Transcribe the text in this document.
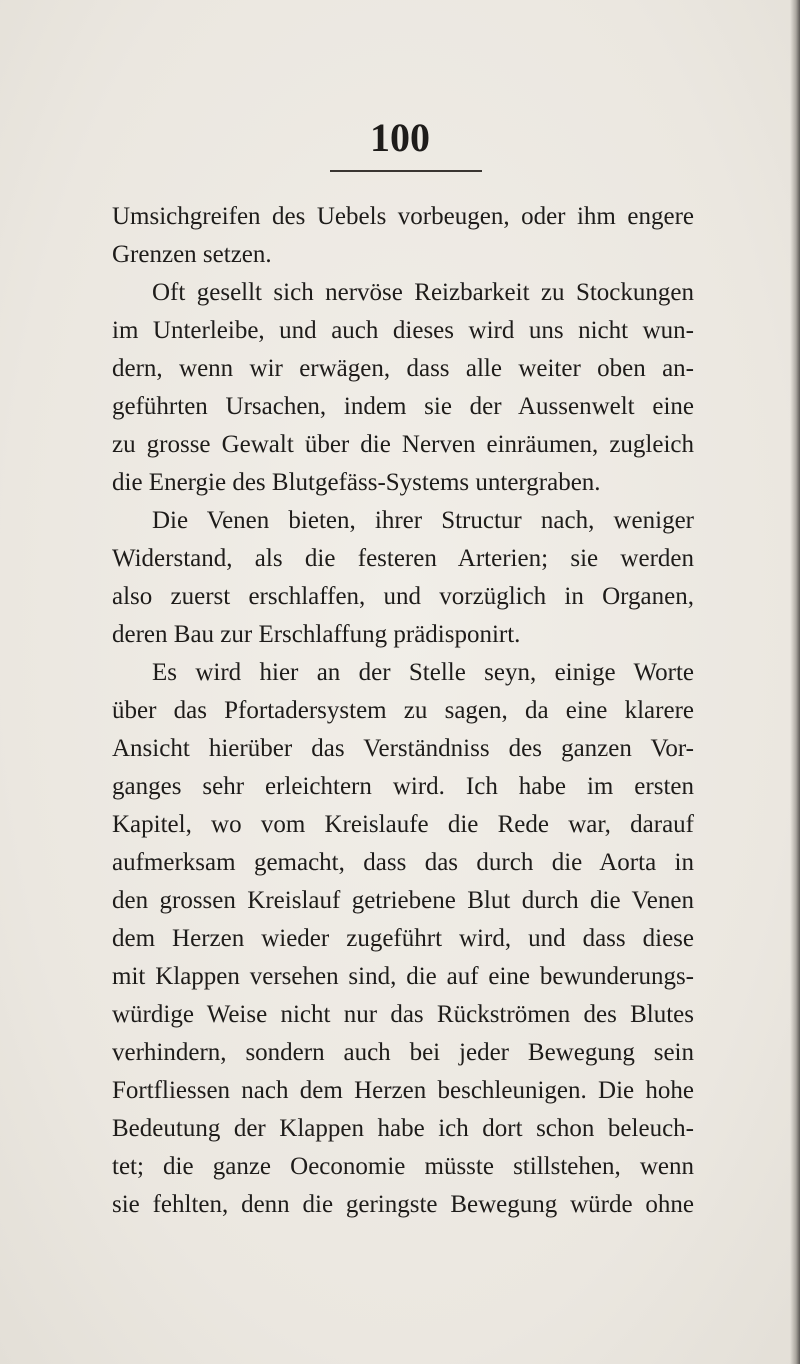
100
Umsichgreifen des Uebels vorbeugen, oder ihm engere
Grenzen setzen.
Oft gesellt sich nervöse Reizbarkeit zu Stockungen
im Unterleibe, und auch dieses wird uns nicht wun-
dern, wenn wir erwägen, dass alle weiter oben an-
geführten Ursachen, indem sie der Aussenwelt eine
zu grosse Gewalt über die Nerven einräumen, zugleich
die Energie des Blutgefäss-Systems untergraben.
Die Venen bieten, ihrer Structur nach, weniger
Widerstand, als die festeren Arterien; sie werden
also zuerst erschlaffen, und vorzüglich in Organen,
deren Bau zur Erschlaffung prädisponirt.
Es wird hier an der Stelle seyn, einige Worte
über das Pfortadersystem zu sagen, da eine klarere
Ansicht hierüber das Verständniss des ganzen Vor-
ganges sehr erleichtern wird. Ich habe im ersten
Kapitel, wo vom Kreislaufe die Rede war, darauf
aufmerksam gemacht, dass das durch die Aorta in
den grossen Kreislauf getriebene Blut durch die Venen
dem Herzen wieder zugeführt wird, und dass diese
mit Klappen versehen sind, die auf eine bewunderungs-
würdige Weise nicht nur das Rückströmen des Blutes
verhindern, sondern auch bei jeder Bewegung sein
Fortfliessen nach dem Herzen beschleunigen. Die hohe
Bedeutung der Klappen habe ich dort schon beleuch-
tet; die ganze Oeconomie müsste stillstehen, wenn
sie fehlten, denn die geringste Bewegung würde ohne
